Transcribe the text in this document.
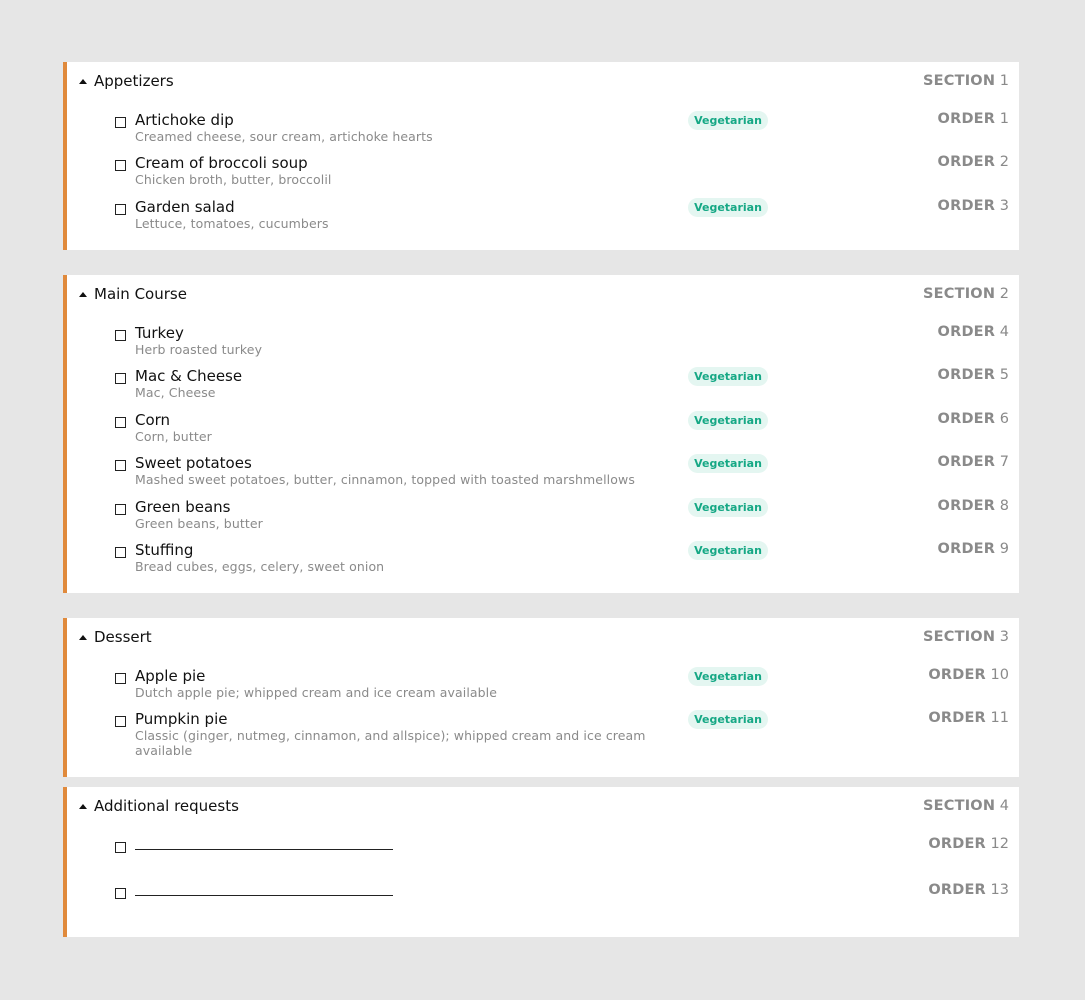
Appetizers	SECTION 1
Artichoke dip
Creamed cheese, sour cream, artichoke hearts
Vegetarian	ORDER 1
Cream of broccoli soup
Chicken broth, butter, broccolil
ORDER 2
Garden salad
Lettuce, tomatoes, cucumbers
Vegetarian	ORDER 3
Main Course	SECTION 2
Turkey
Herb roasted turkey
ORDER 4
Mac & Cheese
Mac, Cheese
Vegetarian	ORDER 5
Corn
Corn, butter
Vegetarian	ORDER 6
Sweet potatoes
Mashed sweet potatoes, butter, cinnamon, topped with toasted marshmellows
Vegetarian	ORDER 7
Green beans
Green beans, butter
Vegetarian	ORDER 8
Stuffing
Bread cubes, eggs, celery, sweet onion
Vegetarian	ORDER 9
Dessert	SECTION 3
Apple pie
Dutch apple pie; whipped cream and ice cream available
Vegetarian	ORDER 10
Pumpkin pie
Classic (ginger, nutmeg, cinnamon, and allspice); whipped cream and ice cream available
Vegetarian	ORDER 11
Additional requests	SECTION 4
ORDER 12
ORDER 13
